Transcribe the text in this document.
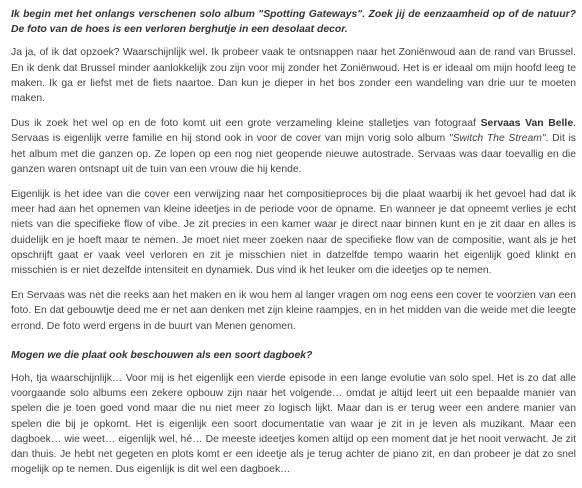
Ik begin met het onlangs verschenen solo album "Spotting Gateways". Zoek jij de eenzaamheid op of de natuur? De foto van de hoes is een verloren berghutje in een desolaat decor.

Ja ja, of ik dat opzoek? Waarschijnlijk wel. Ik probeer vaak te ontsnappen naar het Zoniënwoud aan de rand van Brussel. En ik denk dat Brussel minder aanlokkelijk zou zijn voor mij zonder het Zoniënwoud. Het is er ideaal om mijn hoofd leeg te maken. Ik ga er liefst met de fiets naartoe. Dan kun je dieper in het bos zonder een wandeling van drie uur te moeten maken.

Dus ik zoek het wel op en de foto komt uit een grote verzameling kleine stalletjes van fotograaf Servaas Van Belle. Servaas is eigenlijk verre familie en hij stond ook in voor de cover van mijn vorig solo album "Switch The Stream". Dit is het album met die ganzen op. Ze lopen op een nog niet geopende nieuwe autostrade. Servaas was daar toevallig en die ganzen waren ontsnapt uit de tuin van een vrouw die hij kende.

Eigenlijk is het idee van die cover een verwijzing naar het compositieproces bij die plaat waarbij ik het gevoel had dat ik meer had aan het opnemen van kleine ideetjes in de periode voor de opname. En wanneer je dat opneemt verlies je echt niets van die specifieke flow of vibe. Je zit precies in een kamer waar je direct naar binnen kunt en je zit daar en alles is duidelijk en je hoeft maar te nemen. Je moet niet meer zoeken naar de specifieke flow van de compositie, want als je het opschrijft gaat er vaak veel verloren en zit je misschien niet in datzelfde tempo waarin het eigenlijk goed klinkt en misschien is er niet dezelfde intensiteit en dynamiek. Dus vind ik het leuker om die ideetjes op te nemen.

En Servaas was net die reeks aan het maken en ik wou hem al langer vragen om nog eens een cover te voorzien van een foto. En dat gebouwtje deed me er net aan denken met zijn kleine raampjes, en in het midden van die weide met die leegte errond. De foto werd ergens in de buurt van Menen genomen.

Mogen we die plaat ook beschouwen als een soort dagboek?

Hoh, tja waarschijnlijk… Voor mij is het eigenlijk een vierde episode in een lange evolutie van solo spel. Het is zo dat alle voorgaande solo albums een zekere opbouw zijn naar het volgende… omdat je altijd leert uit een bepaalde manier van spelen die je toen goed vond maar die nu niet meer zo logisch lijkt. Maar dan is er terug weer een andere manier van spelen die bij je opkomt. Het is eigenlijk een soort documentatie van waar je zit in je leven als muzikant. Maar een dagboek… wie weet… eigenlijk wel, hé… De meeste ideetjes komen altijd op een moment dat je het nooit verwacht. Je zit dan thuis. Je hebt net gegeten en plots komt er een ideetje als je terug achter de piano zit, en dan probeer je dat zo snel mogelijk op te nemen. Dus eigenlijk is dit wel een dagboek…
